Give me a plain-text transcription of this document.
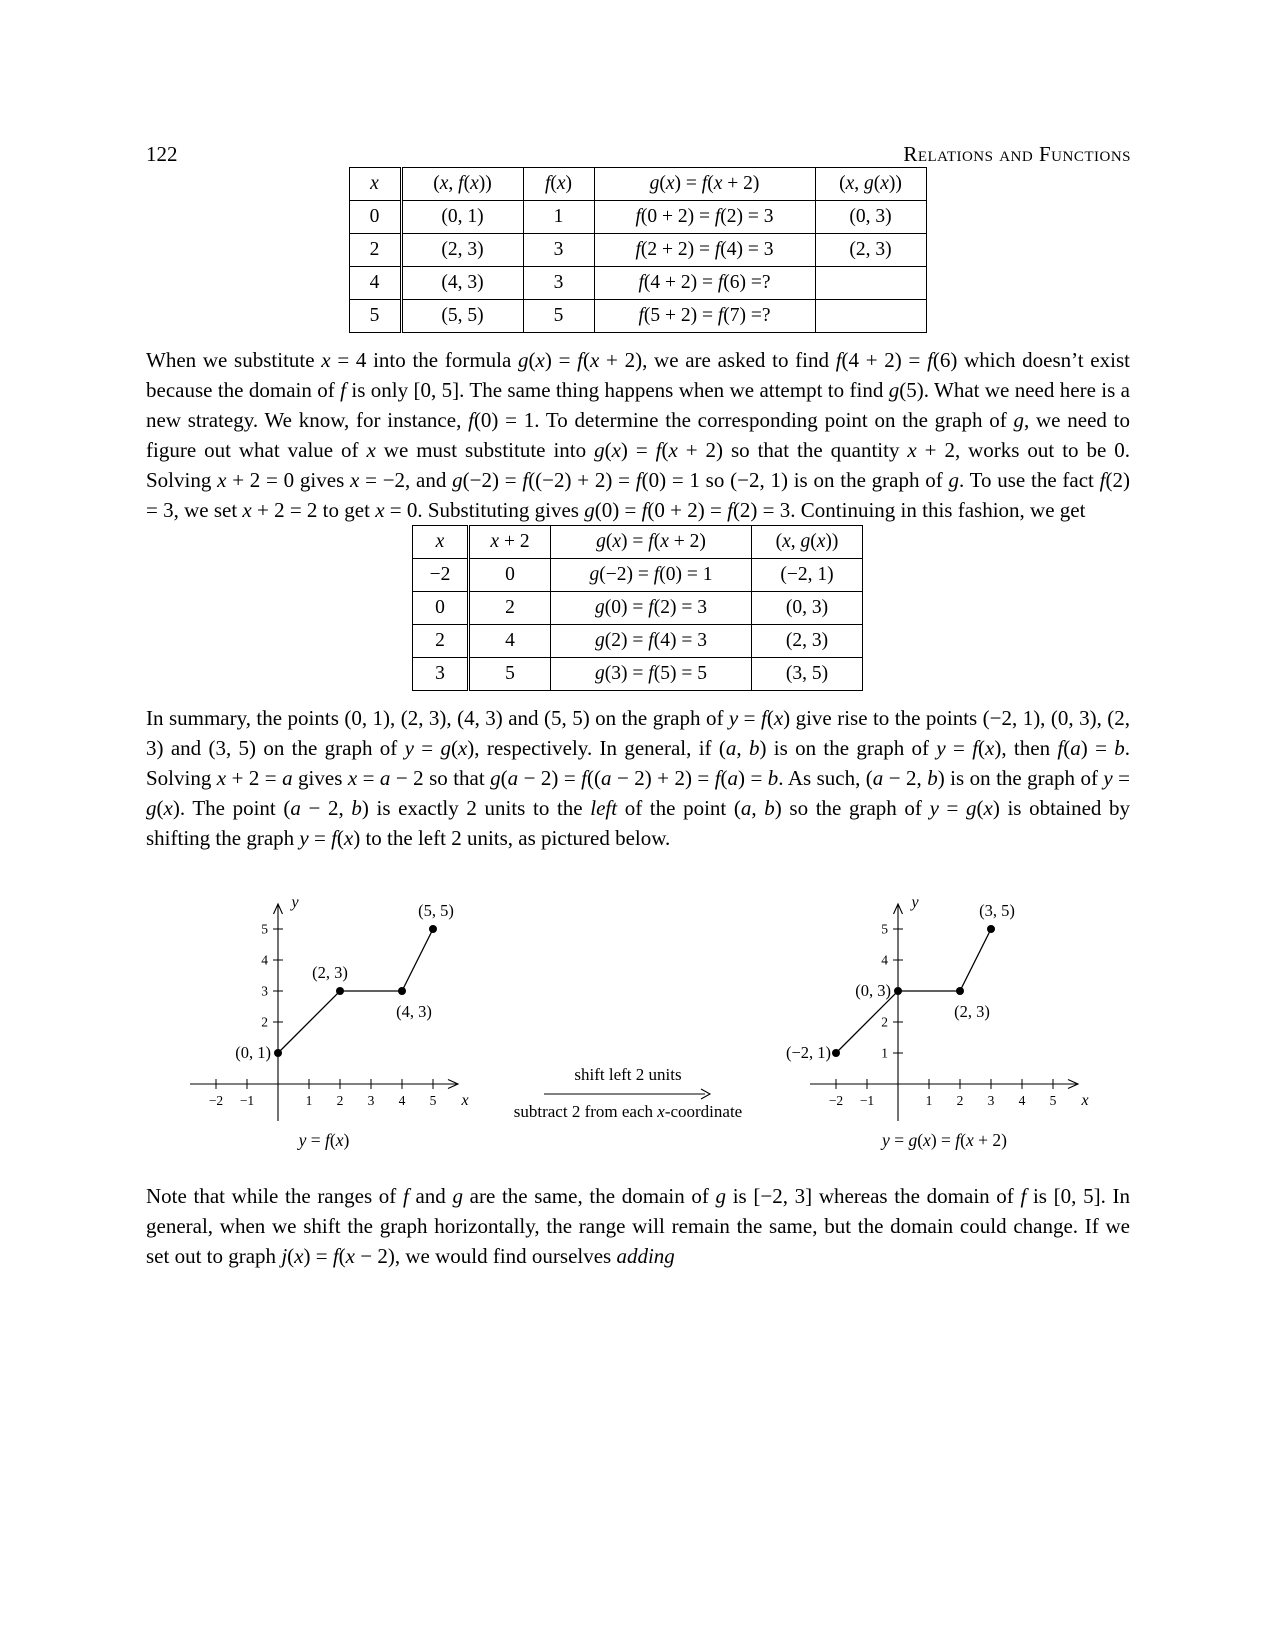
122	Relations and Functions
x	(x, f(x))	f(x)	g(x) = f(x + 2)	(x, g(x))
0	(0, 1)	1	f(0 + 2) = f(2) = 3	(0, 3)
2	(2, 3)	3	f(2 + 2) = f(4) = 3	(2, 3)
4	(4, 3)	3	f(4 + 2) = f(6) =?	
5	(5, 5)	5	f(5 + 2) = f(7) =?	

When we substitute x = 4 into the formula g(x) = f(x + 2), we are asked to find f(4 + 2) = f(6) which doesn’t exist because the domain of f is only [0, 5]. The same thing happens when we attempt to find g(5). What we need here is a new strategy. We know, for instance, f(0) = 1. To determine the corresponding point on the graph of g, we need to figure out what value of x we must substitute into g(x) = f(x + 2) so that the quantity x + 2, works out to be 0. Solving x + 2 = 0 gives x = −2, and g(−2) = f((−2) + 2) = f(0) = 1 so (−2, 1) is on the graph of g. To use the fact f(2) = 3, we set x + 2 = 2 to get x = 0. Substituting gives g(0) = f(0 + 2) = f(2) = 3. Continuing in this fashion, we get

x	x + 2	g(x) = f(x + 2)	(x, g(x))
−2	0	g(−2) = f(0) = 1	(−2, 1)
0	2	g(0) = f(2) = 3	(0, 3)
2	4	g(2) = f(4) = 3	(2, 3)
3	5	g(3) = f(5) = 5	(3, 5)

In summary, the points (0, 1), (2, 3), (4, 3) and (5, 5) on the graph of y = f(x) give rise to the points (−2, 1), (0, 3), (2, 3) and (3, 5) on the graph of y = g(x), respectively. In general, if (a, b) is on the graph of y = f(x), then f(a) = b. Solving x + 2 = a gives x = a − 2 so that g(a − 2) = f((a − 2) + 2) = f(a) = b. As such, (a − 2, b) is on the graph of y = g(x). The point (a − 2, b) is exactly 2 units to the left of the point (a, b) so the graph of y = g(x) is obtained by shifting the graph y = f(x) to the left 2 units, as pictured below.

x
y
−2 −1	1 2 3 4 5
2
3
4
5
(0, 1)
(2, 3)
(4, 3)
(5, 5)
y = f(x)
shift left 2 units
subtract 2 from each x-coordinate
x
y
−2 −1	1 2 3 4 5
1
2
4
5
(−2, 1)
(0, 3)
(2, 3)
(3, 5)
y = g(x) = f(x + 2)

Note that while the ranges of f and g are the same, the domain of g is [−2, 3] whereas the domain of f is [0, 5]. In general, when we shift the graph horizontally, the range will remain the same, but the domain could change. If we set out to graph j(x) = f(x − 2), we would find ourselves adding
